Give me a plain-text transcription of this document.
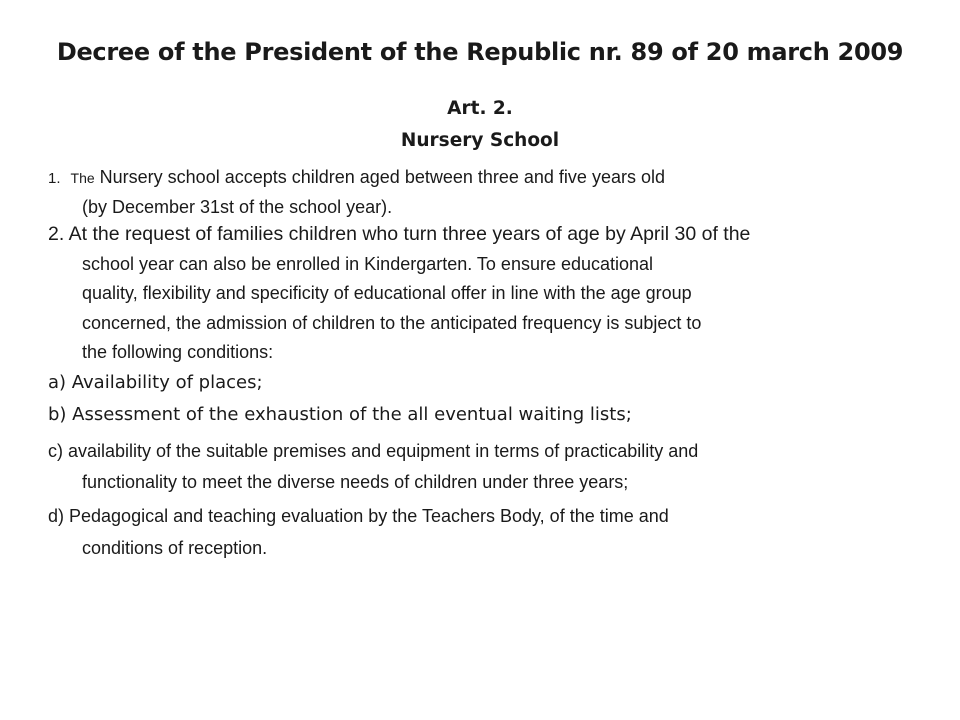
Decree of the President of the Republic nr. 89 of 20 march 2009
Art. 2.
Nursery School
1. The Nursery school accepts children aged between three and five years old
(by December 31st of the school year).
2. At the request of families children who turn three years of age by April 30 of the
school year can also be enrolled in Kindergarten. To ensure educational
quality, flexibility and specificity of educational offer in line with the age group
concerned, the admission of children to the anticipated frequency is subject to
the following conditions:
a) Availability of places;
b) Assessment of the exhaustion of the all eventual waiting lists;
c) availability of the suitable premises and equipment in terms of practicability and
functionality to meet the diverse needs of children under three years;
d) Pedagogical and teaching evaluation by the Teachers Body, of the time and
conditions of reception.
